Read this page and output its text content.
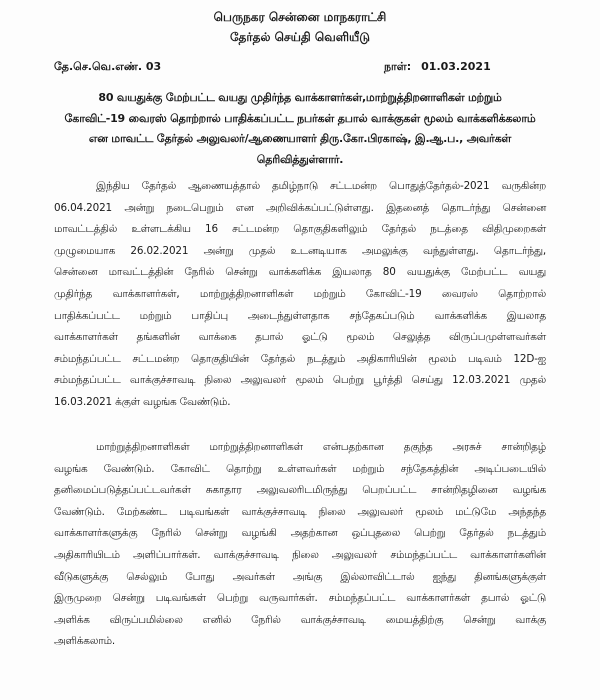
பெருநகர சென்னை மாநகராட்சி
தேர்தல் செய்தி வெளியீடு
தே.செ.வெ.எண். 03	நாள்: 01.03.2021
80 வயதுக்கு மேற்பட்ட வயது முதிர்ந்த வாக்காளர்கள்,மாற்றுத்திறனாளிகள் மற்றும்
கோவிட்-19 வைரஸ் தொற்றால் பாதிக்கப்பட்ட நபர்கள் தபால் வாக்குகள் மூலம் வாக்களிக்கலாம்
என மாவட்ட தேர்தல் அலுவலர்/ஆணையாளர் திரு.கோ.பிரகாஷ், இ.ஆ.ப., அவர்கள்
தெரிவித்துள்ளார்.
இந்திய தேர்தல் ஆணையத்தால் தமிழ்நாடு சட்டமன்ற பொதுத்தேர்தல்-2021 வருகின்ற
06.04.2021 அன்று நடைபெறும் என அறிவிக்கப்பட்டுள்ளது. இதனைத் தொடர்ந்து சென்னை
மாவட்டத்தில் உள்ளடக்கிய 16 சட்டமன்ற தொகுதிகளிலும் தேர்தல் நடத்தை விதிமுறைகள்
முழுமையாக 26.02.2021 அன்று முதல் உடனடியாக அமலுக்கு வந்துள்ளது. தொடர்ந்து,
சென்னை மாவட்டத்தின் நேரில் சென்று வாக்களிக்க இயலாத 80 வயதுக்கு மேற்பட்ட வயது
முதிர்ந்த வாக்காளர்கள், மாற்றுத்திறனாளிகள் மற்றும் கோவிட்-19 வைரஸ் தொற்றால்
பாதிக்கப்பட்ட மற்றும் பாதிப்பு அடைந்துள்ளதாக சந்தேகப்படும் வாக்களிக்க இயலாத
வாக்காளர்கள் தங்களின் வாக்கை தபால் ஓட்டு மூலம் செலுத்த விருப்பமுள்ளவர்கள்
சம்மந்தப்பட்ட சட்டமன்ற தொகுதியின் தேர்தல் நடத்தும் அதிகாரியின் மூலம் படிவம் 12D-ஐ
சம்மந்தப்பட்ட வாக்குச்சாவடி நிலை அலுவலர் மூலம் பெற்று பூர்த்தி செய்து 12.03.2021 முதல்
16.03.2021 க்குள் வழங்க வேண்டும்.
மாற்றுத்திறனாளிகள் மாற்றுத்திறனாளிகள் என்பதற்கான தகுந்த அரசுச் சான்றிதழ்
வழங்க வேண்டும். கோவிட் தொற்று உள்ளவர்கள் மற்றும் சந்தேகத்தின் அடிப்படையில்
தனிமைப்படுத்தப்பட்டவர்கள் சுகாதார அலுவலரிடமிருந்து பெறப்பட்ட சான்றிதழினை வழங்க
வேண்டும். மேற்கண்ட படிவங்கள் வாக்குச்சாவடி நிலை அலுவலர் மூலம் மட்டுமே அந்தந்த
வாக்காளர்களுக்கு நேரில் சென்று வழங்கி அதற்கான ஒப்புதலை பெற்று தேர்தல் நடத்தும்
அதிகாரியிடம் அளிப்பார்கள். வாக்குச்சாவடி நிலை அலுவலர் சம்மந்தப்பட்ட வாக்காளர்களின்
வீடுகளுக்கு செல்லும் போது அவர்கள் அங்கு இல்லாவிட்டால் ஐந்து தினங்களுக்குள்
இருமுறை சென்று படிவங்கள் பெற்று வருவார்கள். சம்மந்தப்பட்ட வாக்காளர்கள் தபால் ஓட்டு
அளிக்க விருப்பமில்லை எனில் நேரில் வாக்குச்சாவடி மையத்திற்கு சென்று வாக்கு
அளிக்கலாம்.
